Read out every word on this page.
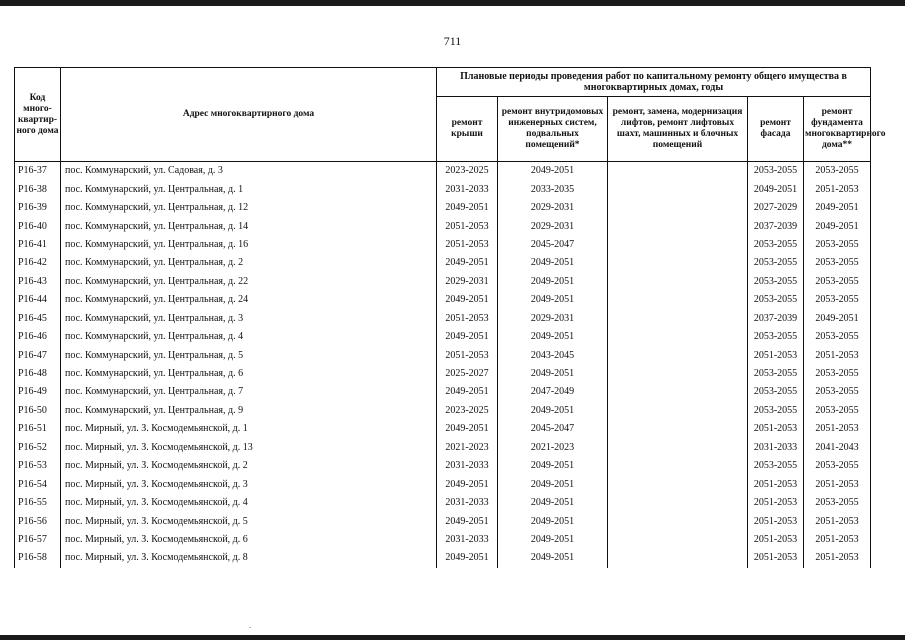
711
Код много-квартир-ного дома	Адрес многоквартирного дома	Плановые периоды проведения работ по капитальному ремонту общего имущества в многоквартирных домах, годы				
		ремонт крыши	ремонт внутридомовых инженерных систем, подвальных помещений*	ремонт, замена, модернизация лифтов, ремонт лифтовых шахт, машинных и блочных помещений	ремонт фасада	ремонт фундамента многоквартирного дома**
P16-37	пос. Коммунарский, ул. Садовая, д. 3	2023-2025	2049-2051		2053-2055	2053-2055
P16-38	пос. Коммунарский, ул. Центральная, д. 1	2031-2033	2033-2035		2049-2051	2051-2053
P16-39	пос. Коммунарский, ул. Центральная, д. 12	2049-2051	2029-2031		2027-2029	2049-2051
P16-40	пос. Коммунарский, ул. Центральная, д. 14	2051-2053	2029-2031		2037-2039	2049-2051
P16-41	пос. Коммунарский, ул. Центральная, д. 16	2051-2053	2045-2047		2053-2055	2053-2055
P16-42	пос. Коммунарский, ул. Центральная, д. 2	2049-2051	2049-2051		2053-2055	2053-2055
P16-43	пос. Коммунарский, ул. Центральная, д. 22	2029-2031	2049-2051		2053-2055	2053-2055
P16-44	пос. Коммунарский, ул. Центральная, д. 24	2049-2051	2049-2051		2053-2055	2053-2055
P16-45	пос. Коммунарский, ул. Центральная, д. 3	2051-2053	2029-2031		2037-2039	2049-2051
P16-46	пос. Коммунарский, ул. Центральная, д. 4	2049-2051	2049-2051		2053-2055	2053-2055
P16-47	пос. Коммунарский, ул. Центральная, д. 5	2051-2053	2043-2045		2051-2053	2051-2053
P16-48	пос. Коммунарский, ул. Центральная, д. 6	2025-2027	2049-2051		2053-2055	2053-2055
P16-49	пос. Коммунарский, ул. Центральная, д. 7	2049-2051	2047-2049		2053-2055	2053-2055
P16-50	пос. Коммунарский, ул. Центральная, д. 9	2023-2025	2049-2051		2053-2055	2053-2055
P16-51	пос. Мирный, ул. З. Космодемьянской, д. 1	2049-2051	2045-2047		2051-2053	2051-2053
P16-52	пос. Мирный, ул. З. Космодемьянской, д. 13	2021-2023	2021-2023		2031-2033	2041-2043
P16-53	пос. Мирный, ул. З. Космодемьянской, д. 2	2031-2033	2049-2051		2053-2055	2053-2055
P16-54	пос. Мирный, ул. З. Космодемьянской, д. 3	2049-2051	2049-2051		2051-2053	2051-2053
P16-55	пос. Мирный, ул. З. Космодемьянской, д. 4	2031-2033	2049-2051		2051-2053	2053-2055
P16-56	пос. Мирный, ул. З. Космодемьянской, д. 5	2049-2051	2049-2051		2051-2053	2051-2053
P16-57	пос. Мирный, ул. З. Космодемьянской, д. 6	2031-2033	2049-2051		2051-2053	2051-2053
P16-58	пос. Мирный, ул. З. Космодемьянской, д. 8	2049-2051	2049-2051		2051-2053	2051-2053
.
